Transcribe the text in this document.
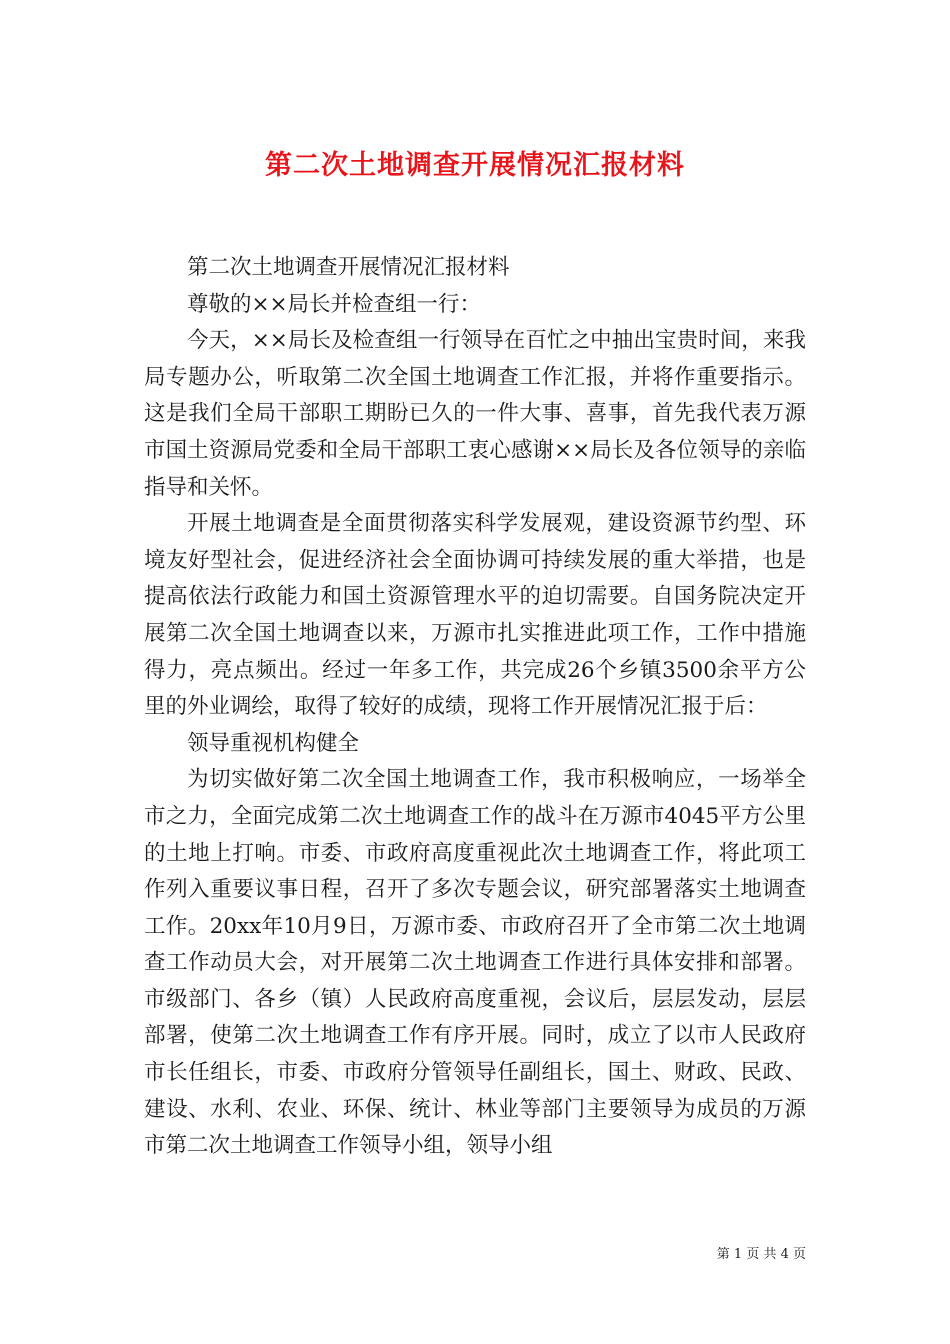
第二次土地调查开展情况汇报材料

第二次土地调查开展情况汇报材料

尊敬的××局长并检查组一行：

今天，××局长及检查组一行领导在百忙之中抽出宝贵时间，来我局专题办公，听取第二次全国土地调查工作汇报，并将作重要指示。这是我们全局干部职工期盼已久的一件大事、喜事，首先我代表万源市国土资源局党委和全局干部职工衷心感谢××局长及各位领导的亲临指导和关怀。

开展土地调查是全面贯彻落实科学发展观，建设资源节约型、环境友好型社会，促进经济社会全面协调可持续发展的重大举措，也是提高依法行政能力和国土资源管理水平的迫切需要。自国务院决定开展第二次全国土地调查以来，万源市扎实推进此项工作，工作中措施得力，亮点频出。经过一年多工作，共完成26个乡镇3500余平方公里的外业调绘，取得了较好的成绩，现将工作开展情况汇报于后：

领导重视机构健全

为切实做好第二次全国土地调查工作，我市积极响应，一场举全市之力，全面完成第二次土地调查工作的战斗在万源市4045平方公里的土地上打响。市委、市政府高度重视此次土地调查工作，将此项工作列入重要议事日程，召开了多次专题会议，研究部署落实土地调查工作。20xx年10月9日，万源市委、市政府召开了全市第二次土地调查工作动员大会，对开展第二次土地调查工作进行具体安排和部署。市级部门、各乡（镇）人民政府高度重视，会议后，层层发动，层层部署，使第二次土地调查工作有序开展。同时，成立了以市人民政府市长任组长，市委、市政府分管领导任副组长，国土、财政、民政、建设、水利、农业、环保、统计、林业等部门主要领导为成员的万源市第二次土地调查工作领导小组，领导小组

第 1 页 共 4 页
